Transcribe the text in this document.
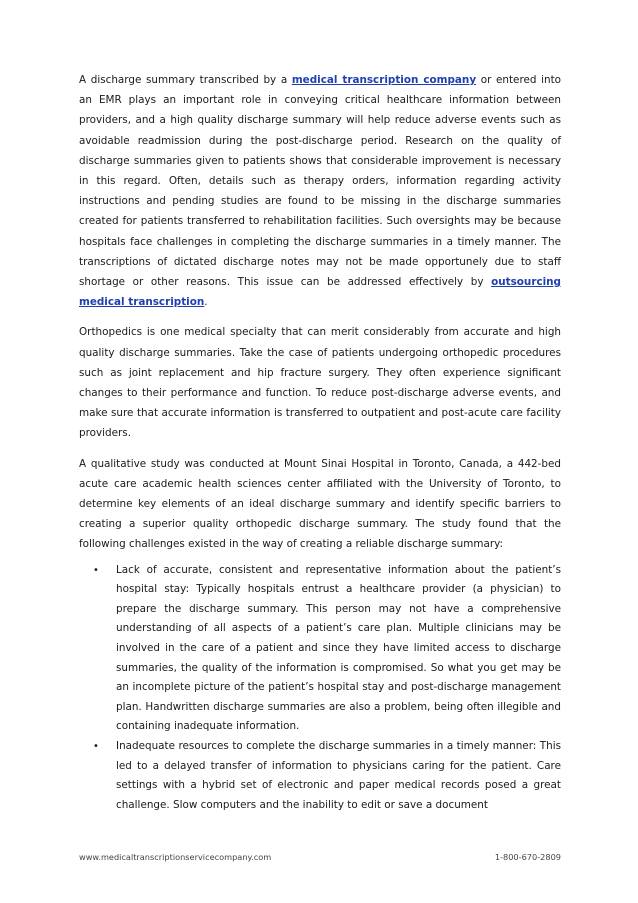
A discharge summary transcribed by a medical transcription company or entered into an EMR plays an important role in conveying critical healthcare information between providers, and a high quality discharge summary will help reduce adverse events such as avoidable readmission during the post-discharge period. Research on the quality of discharge summaries given to patients shows that considerable improvement is necessary in this regard. Often, details such as therapy orders, information regarding activity instructions and pending studies are found to be missing in the discharge summaries created for patients transferred to rehabilitation facilities. Such oversights may be because hospitals face challenges in completing the discharge summaries in a timely manner. The transcriptions of dictated discharge notes may not be made opportunely due to staff shortage or other reasons. This issue can be addressed effectively by outsourcing medical transcription.

Orthopedics is one medical specialty that can merit considerably from accurate and high quality discharge summaries. Take the case of patients undergoing orthopedic procedures such as joint replacement and hip fracture surgery. They often experience significant changes to their performance and function. To reduce post-discharge adverse events, and make sure that accurate information is transferred to outpatient and post-acute care facility providers.

A qualitative study was conducted at Mount Sinai Hospital in Toronto, Canada, a 442-bed acute care academic health sciences center affiliated with the University of Toronto, to determine key elements of an ideal discharge summary and identify specific barriers to creating a superior quality orthopedic discharge summary. The study found that the following challenges existed in the way of creating a reliable discharge summary:

• Lack of accurate, consistent and representative information about the patient’s hospital stay: Typically hospitals entrust a healthcare provider (a physician) to prepare the discharge summary. This person may not have a comprehensive understanding of all aspects of a patient’s care plan. Multiple clinicians may be involved in the care of a patient and since they have limited access to discharge summaries, the quality of the information is compromised. So what you get may be an incomplete picture of the patient’s hospital stay and post-discharge management plan. Handwritten discharge summaries are also a problem, being often illegible and containing inadequate information.
• Inadequate resources to complete the discharge summaries in a timely manner: This led to a delayed transfer of information to physicians caring for the patient. Care settings with a hybrid set of electronic and paper medical records posed a great challenge. Slow computers and the inability to edit or save a document
www.medicaltranscriptionservicecompany.com	1-800-670-2809
